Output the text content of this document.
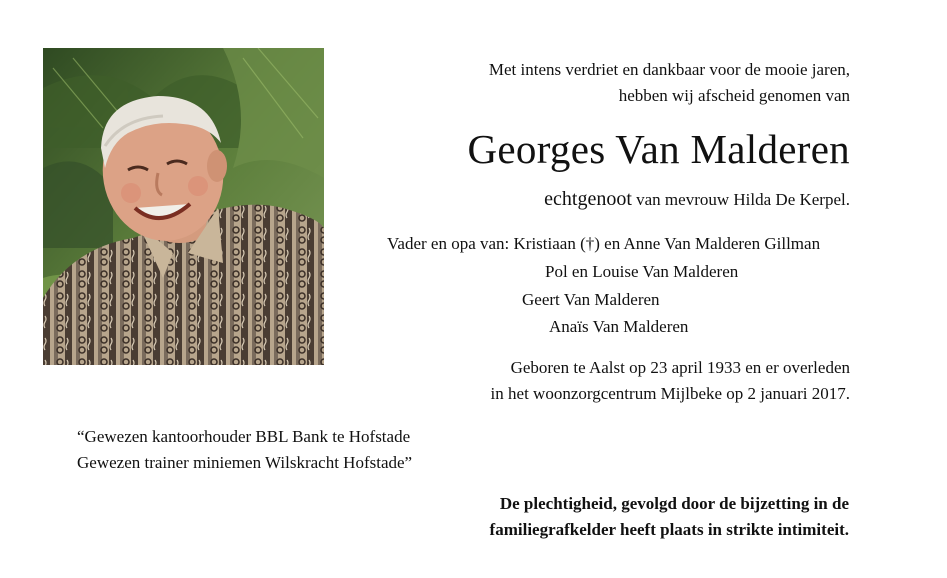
Met intens verdriet en dankbaar voor de mooie jaren,
hebben wij afscheid genomen van
Georges Van Malderen
echtgenoot van mevrouw Hilda De Kerpel.
Vader en opa van: Kristiaan (†) en Anne Van Malderen Gillman
Pol en Louise Van Malderen
Geert Van Malderen
Anaïs Van Malderen
Geboren te Aalst op 23 april 1933 en er overleden
in het woonzorgcentrum Mijlbeke op 2 januari 2017.
“Gewezen kantoorhouder BBL Bank te Hofstade
Gewezen trainer miniemen Wilskracht Hofstade”
De plechtigheid, gevolgd door de bijzetting in de
familiegrafkelder heeft plaats in strikte intimiteit.
